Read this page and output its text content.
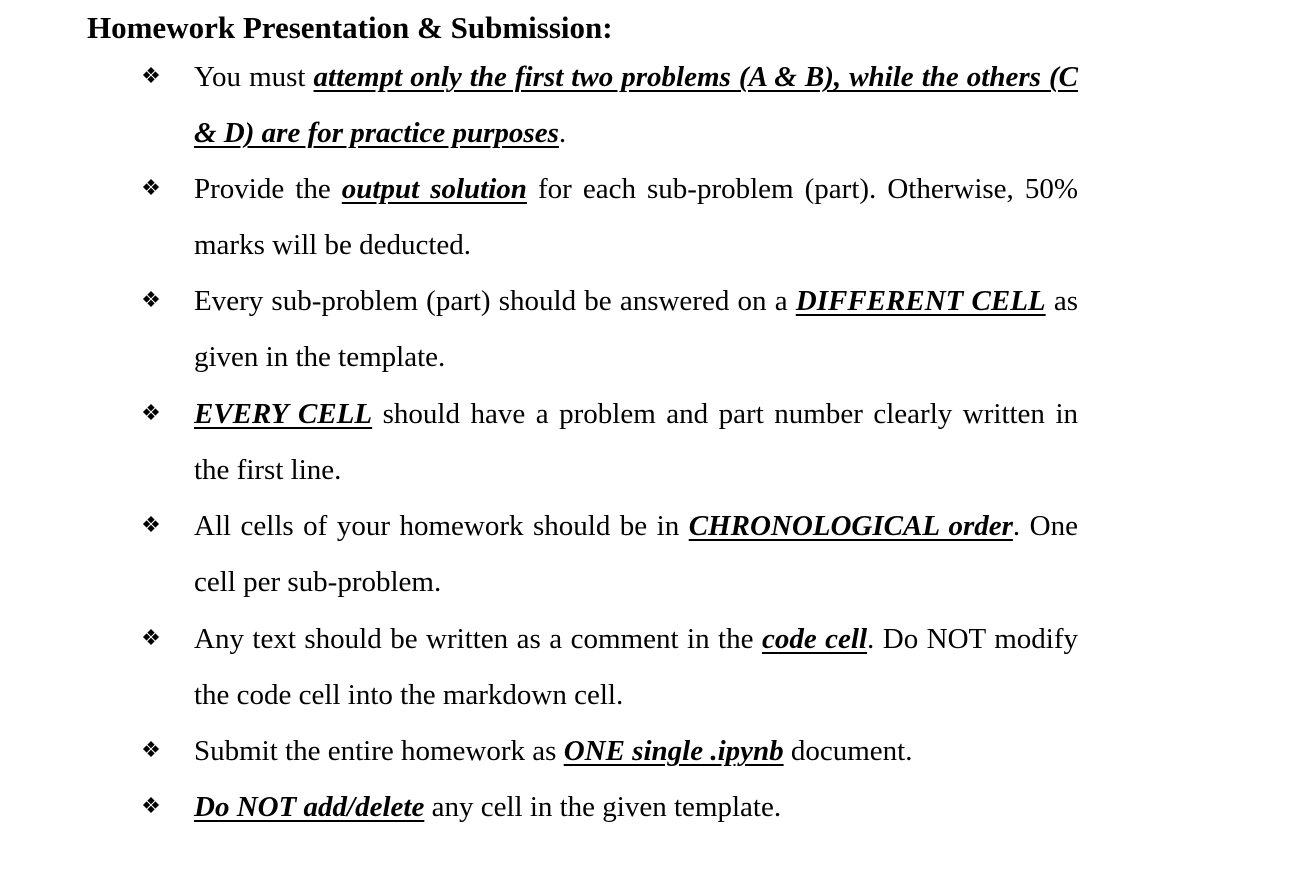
Homework Presentation & Submission:
❖ You must attempt only the first two problems (A & B), while the others (C & D) are for practice purposes.
❖ Provide the output solution for each sub-problem (part). Otherwise, 50% marks will be deducted.
❖ Every sub-problem (part) should be answered on a DIFFERENT CELL as given in the template.
❖ EVERY CELL should have a problem and part number clearly written in the first line.
❖ All cells of your homework should be in CHRONOLOGICAL order. One cell per sub-problem.
❖ Any text should be written as a comment in the code cell. Do NOT modify the code cell into the markdown cell.
❖ Submit the entire homework as ONE single .ipynb document.
❖ Do NOT add/delete any cell in the given template.
